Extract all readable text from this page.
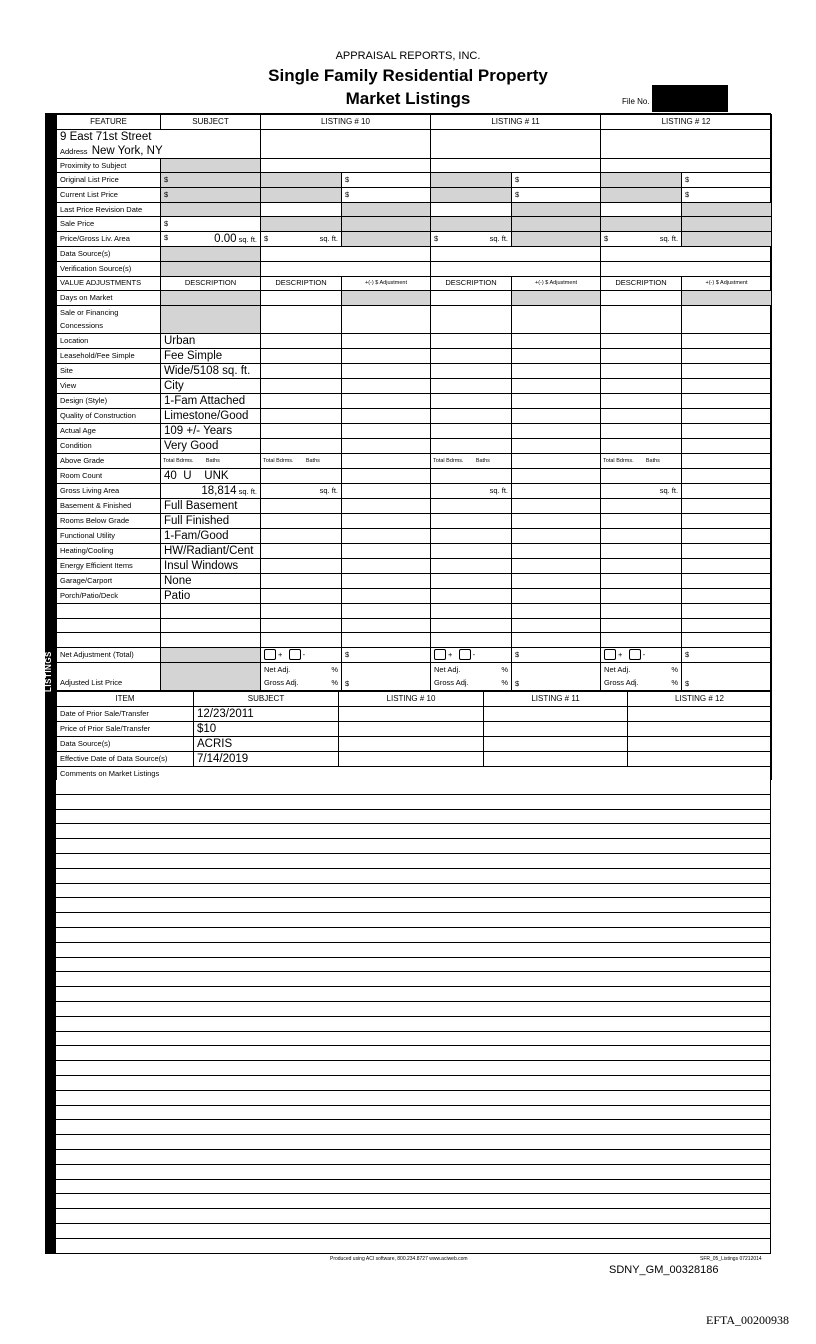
APPRAISAL REPORTS, INC.
Single Family Residential Property
Market Listings	File No.
LISTINGS
FEATURE	SUBJECT	LISTING # 10		LISTING # 11		LISTING # 12	
9 East 71st Street							
Address New York, NY							
Proximity to Subject							
Original List Price	$		$		$		$
Current List Price	$		$		$		$
Last Price Revision Date							
Sale Price	$						
Price/Gross Liv. Area	$ 0.00 sq. ft.	$ sq. ft.		$ sq. ft.		$ sq. ft.	

Data Source(s)							
Verification Source(s)							
VALUE ADJUSTMENTS	DESCRIPTION	DESCRIPTION	+(-) $ Adjustment	DESCRIPTION	+(-) $ Adjustment	DESCRIPTION	+(-) $ Adjustment
Days on Market							
Sale or Financing							
Concessions							
Location	Urban						
Leasehold/Fee Simple	Fee Simple						
Site	Wide/5108 sq. ft.						
View	City						
Design (Style)	1-Fam Attached						
Quality of Construction	Limestone/Good						
Actual Age	109 +/- Years						
Condition	Very Good						
Above Grade	Total Bdrms. Baths	Total Bdrms. Baths		Total Bdrms. Baths		Total Bdrms. Baths	
Room Count	40 U UNK						
Gross Living Area	18,814 sq. ft.	sq. ft.		sq. ft.		sq. ft.	
Basement & Finished	Full Basement						
Rooms Below Grade	Full Finished						
Functional Utility	1-Fam/Good						
Heating/Cooling	HW/Radiant/Cent						
Energy Efficient Items	Insul Windows						
Garage/Carport	None						
Porch/Patio/Deck	Patio						

Net Adjustment (Total)		+ -	$	+ -	$	+ -	$
		Net Adj. %	$	Net Adj. %	$	Net Adj. %	$
Adjusted List Price		Gross Adj. %		Gross Adj. %		Gross Adj. %	
ITEM	SUBJECT	LISTING # 10	LISTING # 11	LISTING # 12
Date of Prior Sale/Transfer	12/23/2011			
Price of Prior Sale/Transfer	$10			
Data Source(s)	ACRIS			
Effective Date of Data Source(s)	7/14/2019			
Comments on Market Listings				
Produced using ACI software, 800.234.8727 www.aciweb.com	SFR_05_Listings 07212014
SDNY_GM_00328186
EFTA_00200938
